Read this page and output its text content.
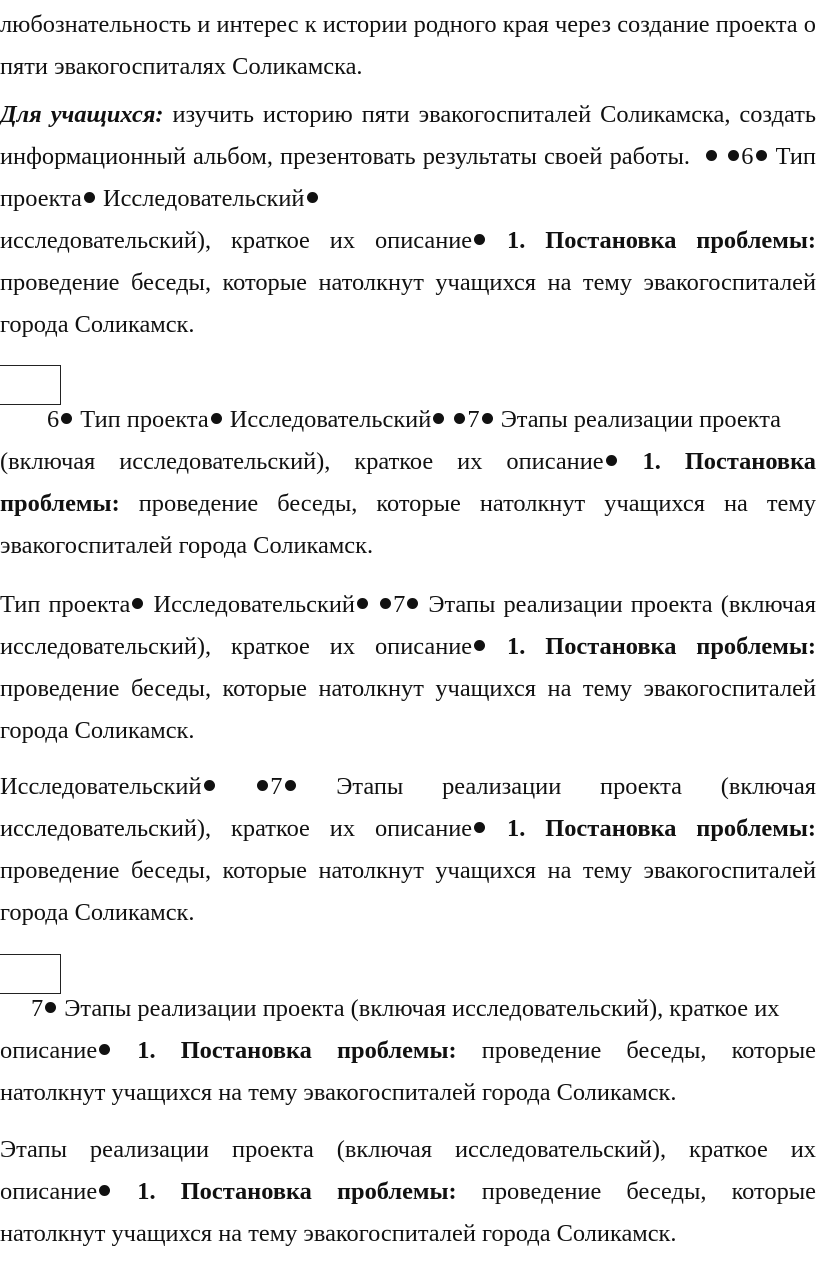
любознательность и интерес к истории родного края через создание проекта о
пяти эвакогоспиталях Соликамска.
Для учащихся: изучить историю пяти эвакогоспиталей Соликамска, создать
информационный альбом, презентовать результаты своей работы. 6 Тип
проекта Исследовательский
исследовательский), краткое их описание 1. Постановка проблемы:
проведение беседы, которые натолкнут учащихся на тему эвакогоспиталей
города Соликамск.
6 Тип проекта Исследовательский 7 Этапы реализации проекта
(включая исследовательский), краткое их описание 1. Постановка
проблемы: проведение беседы, которые натолкнут учащихся на тему
эвакогоспиталей города Соликамск.
Тип проекта Исследовательский 7 Этапы реализации проекта (включая
исследовательский), краткое их описание 1. Постановка проблемы:
проведение беседы, которые натолкнут учащихся на тему эвакогоспиталей
города Соликамск.
Исследовательский	7 Этапы реализации проекта (включая
исследовательский), краткое их описание 1. Постановка проблемы:
проведение беседы, которые натолкнут учащихся на тему эвакогоспиталей
города Соликамск.
7 Этапы реализации проекта (включая исследовательский), краткое их
описание 1. Постановка проблемы: проведение беседы, которые
натолкнут учащихся на тему эвакогоспиталей города Соликамск.
Этапы реализации проекта (включая исследовательский), краткое их
описание 1. Постановка проблемы: проведение беседы, которые
натолкнут учащихся на тему эвакогоспиталей города Соликамск.
